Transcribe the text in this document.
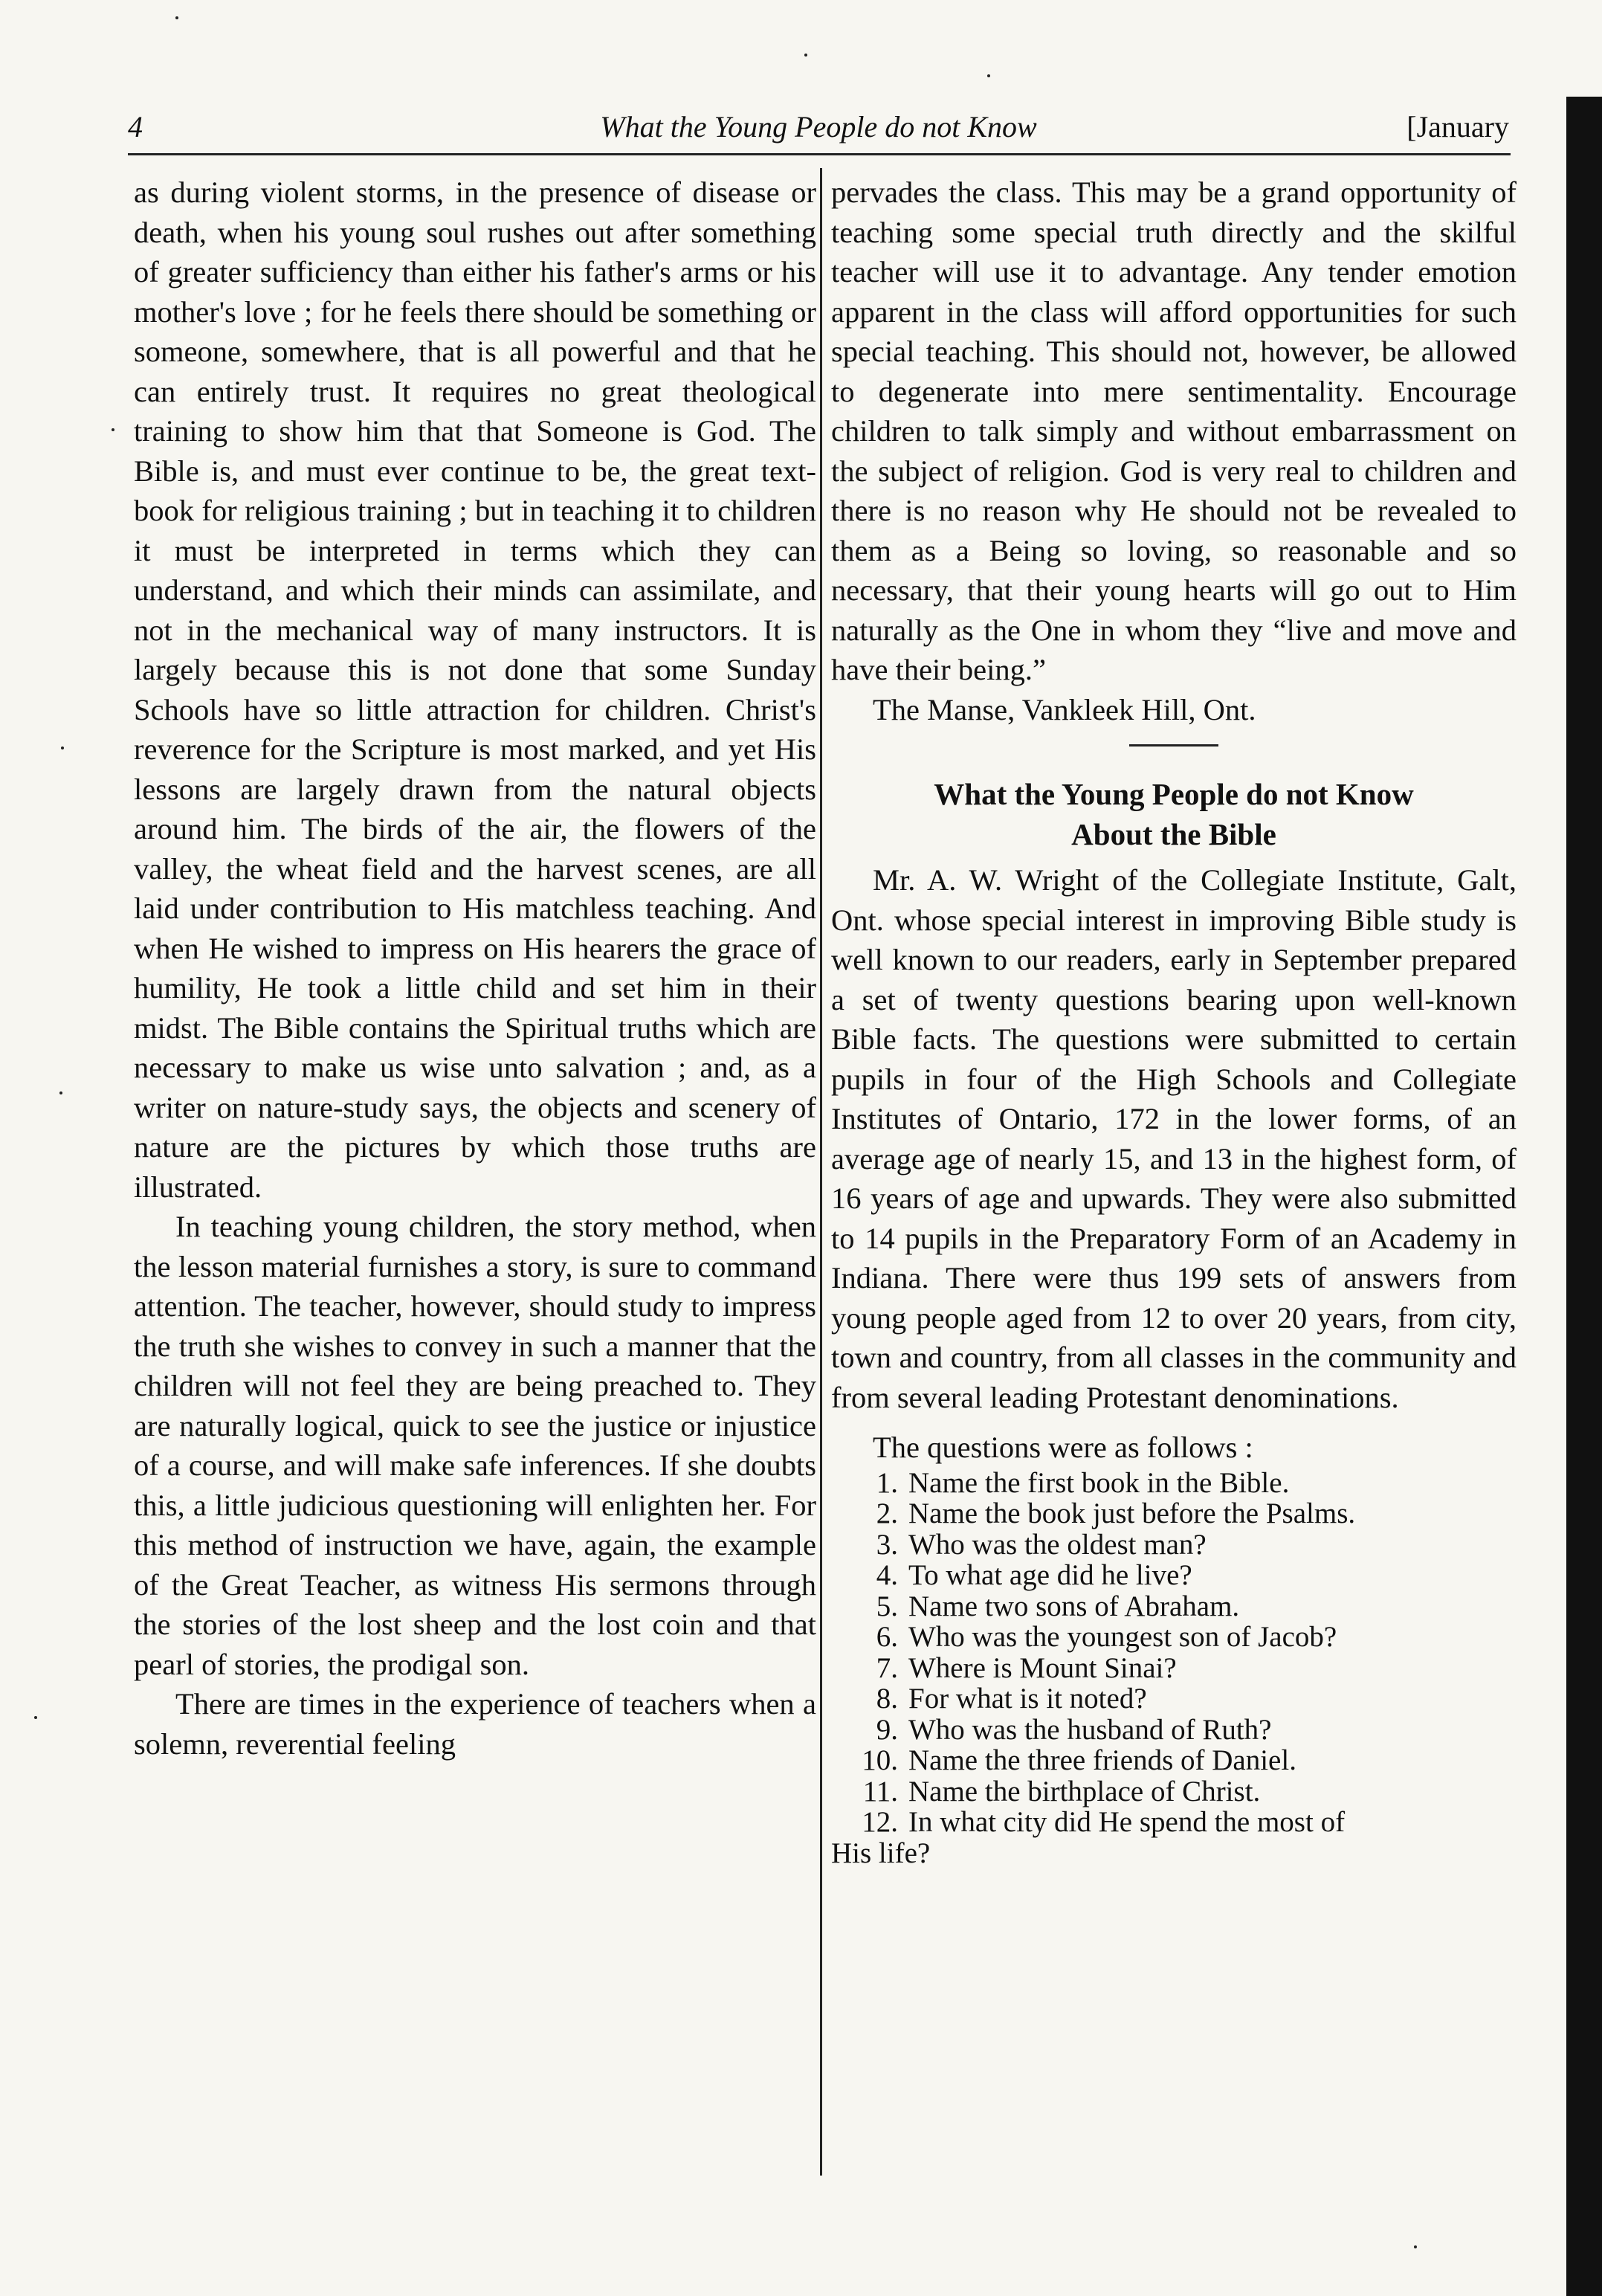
4	What the Young People do not Know	[January

as during violent storms, in the presence of disease or death, when his young soul rushes out after something of greater sufficiency than either his father's arms or his mother's love ; for he feels there should be something or someone, somewhere, that is all powerful and that he can entirely trust. It requires no great theological training to show him that that Someone is God. The Bible is, and must ever continue to be, the great text-book for religious training ; but in teaching it to children it must be interpreted in terms which they can understand, and which their minds can assimilate, and not in the mechanical way of many instructors. It is largely because this is not done that some Sunday Schools have so little attraction for children. Christ's reverence for the Scripture is most marked, and yet His lessons are largely drawn from the natural objects around him. The birds of the air, the flowers of the valley, the wheat field and the harvest scenes, are all laid under contribution to His matchless teaching. And when He wished to impress on His hearers the grace of humility, He took a little child and set him in their midst. The Bible contains the Spiritual truths which are necessary to make us wise unto salvation ; and, as a writer on nature-study says, the objects and scenery of nature are the pictures by which those truths are illustrated.

In teaching young children, the story method, when the lesson material furnishes a story, is sure to command attention. The teacher, however, should study to impress the truth she wishes to convey in such a manner that the children will not feel they are being preached to. They are naturally logical, quick to see the justice or injustice of a course, and will make safe inferences. If she doubts this, a little judicious questioning will enlighten her. For this method of instruction we have, again, the example of the Great Teacher, as witness His sermons through the stories of the lost sheep and the lost coin and that pearl of stories, the prodigal son.

There are times in the experience of teachers when a solemn, reverential feeling

pervades the class. This may be a grand opportunity of teaching some special truth directly and the skilful teacher will use it to advantage. Any tender emotion apparent in the class will afford opportunities for such special teaching. This should not, however, be allowed to degenerate into mere sentimentality. Encourage children to talk simply and without embarrassment on the subject of religion. God is very real to children and there is no reason why He should not be revealed to them as a Being so loving, so reasonable and so necessary, that their young hearts will go out to Him naturally as the One in whom they “live and move and have their being.”

The Manse, Vankleek Hill, Ont.

What the Young People do not Know
About the Bible

Mr. A. W. Wright of the Collegiate Institute, Galt, Ont. whose special interest in improving Bible study is well known to our readers, early in September prepared a set of twenty questions bearing upon well-known Bible facts. The questions were submitted to certain pupils in four of the High Schools and Collegiate Institutes of Ontario, 172 in the lower forms, of an average age of nearly 15, and 13 in the highest form, of 16 years of age and upwards. They were also submitted to 14 pupils in the Preparatory Form of an Academy in Indiana. There were thus 199 sets of answers from young people aged from 12 to over 20 years, from city, town and country, from all classes in the community and from several leading Protestant denominations.

The questions were as follows :

1. Name the first book in the Bible.
2. Name the book just before the Psalms.
3. Who was the oldest man?
4. To what age did he live?
5. Name two sons of Abraham.
6. Who was the youngest son of Jacob?
7. Where is Mount Sinai?
8. For what is it noted?
9. Who was the husband of Ruth?
10. Name the three friends of Daniel.
11. Name the birthplace of Christ.
12. In what city did He spend the most of

His life?
